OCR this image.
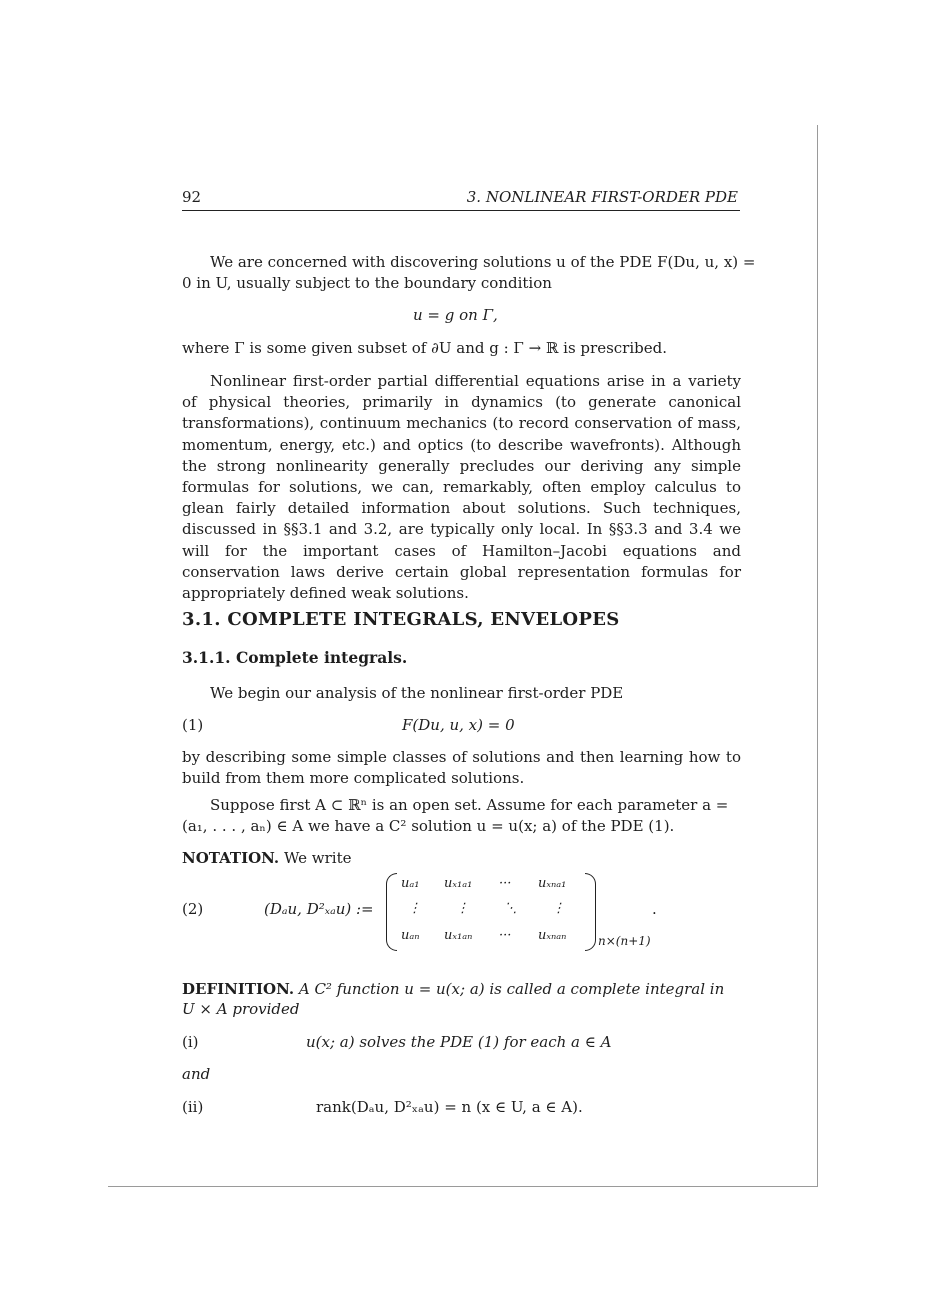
92	3. NONLINEAR FIRST-ORDER PDE
We are concerned with discovering solutions u of the PDE F(Du, u, x) =
0 in U, usually subject to the boundary condition
u = g on Γ,
where Γ is some given subset of ∂U and g : Γ → ℝ is prescribed.
Nonlinear first-order partial differential equations arise in a variety of physical theories, primarily in dynamics (to generate canonical transformations), continuum mechanics (to record conservation of mass, momentum, energy, etc.) and optics (to describe wavefronts). Although the strong nonlinearity generally precludes our deriving any simple formulas for solutions, we can, remarkably, often employ calculus to glean fairly detailed information about solutions. Such techniques, discussed in §§3.1 and 3.2, are typically only local. In §§3.3 and 3.4 we will for the important cases of Hamilton–Jacobi equations and conservation laws derive certain global representation formulas for appropriately defined weak solutions.
3.1. COMPLETE INTEGRALS, ENVELOPES
3.1.1. Complete integrals.
We begin our analysis of the nonlinear first-order PDE
(1)	F(Du, u, x) = 0
by describing some simple classes of solutions and then learning how to build from them more complicated solutions.
Suppose first A ⊂ ℝⁿ is an open set. Assume for each parameter a =
(a₁, . . . , aₙ) ∈ A we have a C² solution u = u(x; a) of the PDE (1).
NOTATION. We write
(2)	(Dₐu, D²ₓₐu) :=
uₐ₁ uₓ₁ₐ₁ ··· uₓₙₐ₁
⋮	⋮	⋱	⋮
uₐₙ uₓ₁ₐₙ ··· uₓₙₐₙ	n×(n+1)
.
DEFINITION. A C² function u = u(x; a) is called a complete integral in
U × A provided
(i)	u(x; a) solves the PDE (1) for each a ∈ A
and
(ii)	rank(Dₐu, D²ₓₐu) = n (x ∈ U, a ∈ A).
